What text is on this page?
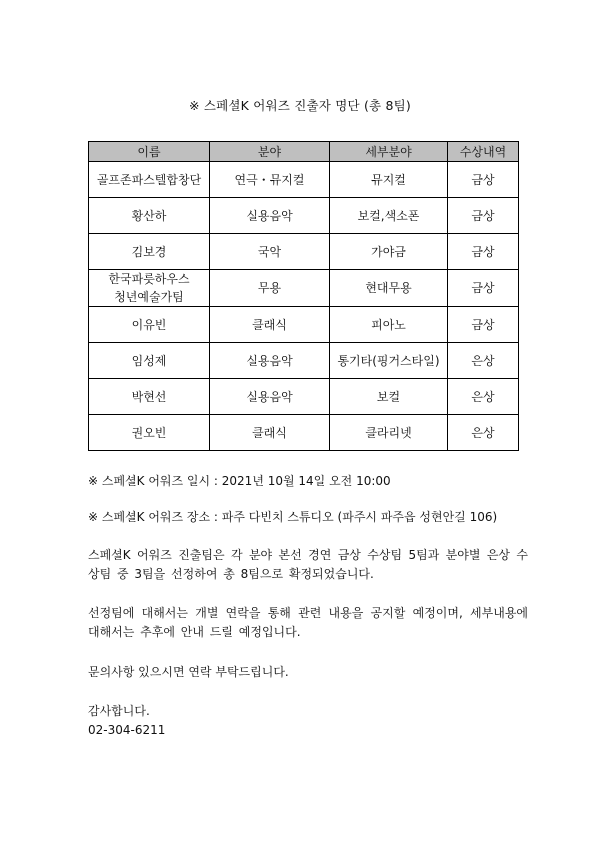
※ 스페셜K 어워즈 진출자 명단 (총 8팀)
이름	분야	세부분야	수상내역

골프존파스텔합창단	연극・뮤지컬	뮤지컬	금상

황산하	실용음악	보컬,색소폰	금상

김보경	국악	가야금	금상

한국파릇하우스
청년예술가팀	무용	현대무용	금상

이유빈	클래식	피아노	금상

임성제	실용음악	통기타(핑거스타일)	은상

박현선	실용음악	보컬	은상

권오빈	클래식	클라리넷	은상

※ 스페셜K 어워즈 일시 : 2021년 10월 14일 오전 10:00

※ 스페셜K 어워즈 장소 : 파주 다빈치 스튜디오 (파주시 파주읍 성현안길 106)

스페셜K 어워즈 진출팀은 각 분야 본선 경연 금상 수상팀 5팀과 분야별 은상 수상팀 중 3팀을 선정하여 총 8팀으로 확정되었습니다.

선정팀에 대해서는 개별 연락을 통해 관련 내용을 공지할 예정이며, 세부내용에 대해서는 추후에 안내 드릴 예정입니다.

문의사항 있으시면 연락 부탁드립니다.

감사합니다.

02-304-6211
